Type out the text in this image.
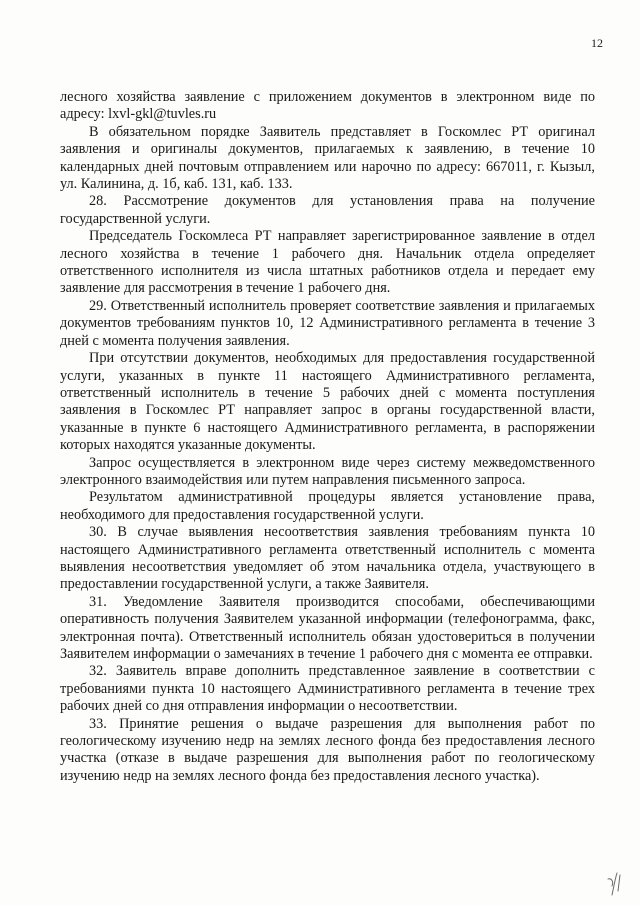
12

лесного хозяйства заявление с приложением документов в электронном виде по адресу: lxvl-gkl@tuvles.ru

В обязательном порядке Заявитель представляет в Госкомлес РТ оригинал заявления и оригиналы документов, прилагаемых к заявлению, в течение 10 календарных дней почтовым отправлением или нарочно по адресу: 667011, г. Кызыл, ул. Калинина, д. 1б, каб. 131, каб. 133.

28. Рассмотрение документов для установления права на получение государственной услуги.

Председатель Госкомлеса РТ направляет зарегистрированное заявление в отдел лесного хозяйства в течение 1 рабочего дня. Начальник отдела определяет ответственного исполнителя из числа штатных работников отдела и передает ему заявление для рассмотрения в течение 1 рабочего дня.

29. Ответственный исполнитель проверяет соответствие заявления и прилагаемых документов требованиям пунктов 10, 12 Административного регламента в течение 3 дней с момента получения заявления.

При отсутствии документов, необходимых для предоставления государственной услуги, указанных в пункте 11 настоящего Административного регламента, ответственный исполнитель в течение 5 рабочих дней с момента поступления заявления в Госкомлес РТ направляет запрос в органы государственной власти, указанные в пункте 6 настоящего Административного регламента, в распоряжении которых находятся указанные документы.

Запрос осуществляется в электронном виде через систему межведомственного электронного взаимодействия или путем направления письменного запроса.

Результатом административной процедуры является установление права, необходимого для предоставления государственной услуги.

30. В случае выявления несоответствия заявления требованиям пункта 10 настоящего Административного регламента ответственный исполнитель с момента выявления несоответствия уведомляет об этом начальника отдела, участвующего в предоставлении государственной услуги, а также Заявителя.

31. Уведомление Заявителя производится способами, обеспечивающими оперативность получения Заявителем указанной информации (телефонограмма, факс, электронная почта). Ответственный исполнитель обязан удостовериться в получении Заявителем информации о замечаниях в течение 1 рабочего дня с момента ее отправки.

32. Заявитель вправе дополнить представленное заявление в соответствии с требованиями пункта 10 настоящего Административного регламента в течение трех рабочих дней со дня отправления информации о несоответствии.

33. Принятие решения о выдаче разрешения для выполнения работ по геологическому изучению недр на землях лесного фонда без предоставления лесного участка (отказе в выдаче разрешения для выполнения работ по геологическому изучению недр на землях лесного фонда без предоставления лесного участка).
